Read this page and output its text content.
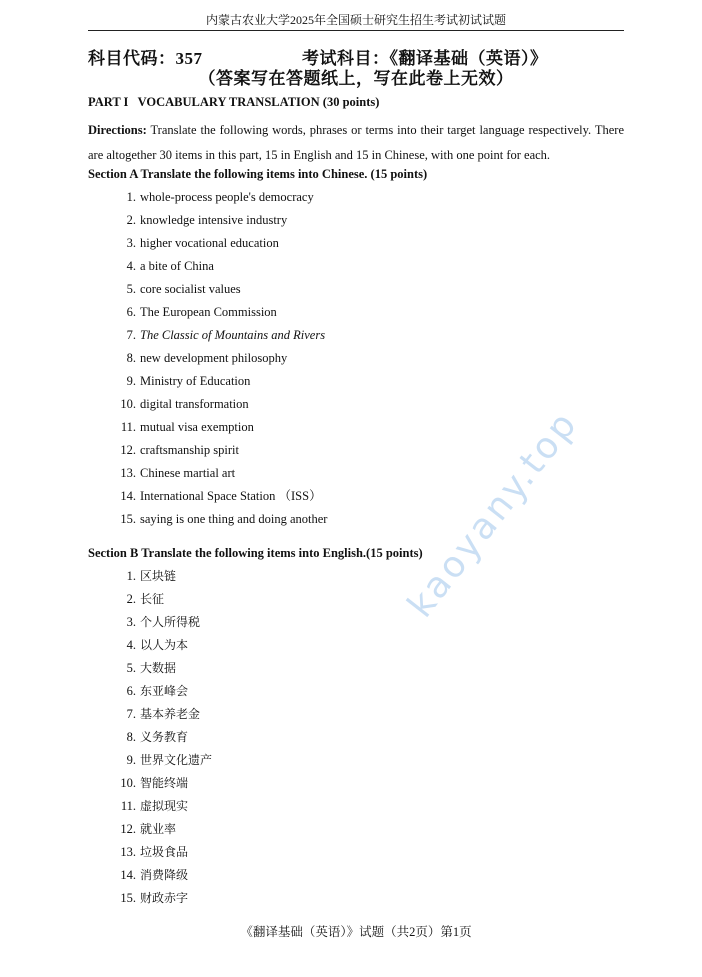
内蒙古农业大学2025年全国硕士研究生招生考试初试试题
科目代码：357	考试科目：《翻译基础（英语）》
（答案写在答题纸上，写在此卷上无效）
PART I   VOCABULARY TRANSLATION (30 points)
Directions: Translate the following words, phrases or terms into their target language respectively. There are altogether 30 items in this part, 15 in English and 15 in Chinese, with one point for each.
Section A Translate the following items into Chinese. (15 points)
1. whole-process people's democracy
2. knowledge intensive industry
3. higher vocational education
4. a bite of China
5. core socialist values
6. The European Commission
7. The Classic of Mountains and Rivers
8. new development philosophy
9. Ministry of Education
10. digital transformation
11. mutual visa exemption
12. craftsmanship spirit
13. Chinese martial art
14. International Space Station （ISS）
15. saying is one thing and doing another
Section B Translate the following items into English.(15 points)
1. 区块链
2. 长征
3. 个人所得税
4. 以人为本
5. 大数据
6. 东亚峰会
7. 基本养老金
8. 义务教育
9. 世界文化遗产
10. 智能终端
11. 虚拟现实
12. 就业率
13. 垃圾食品
14. 消费降级
15. 财政赤字
《翻译基础（英语）》试题（共2页）第1页
kaoyany.top
